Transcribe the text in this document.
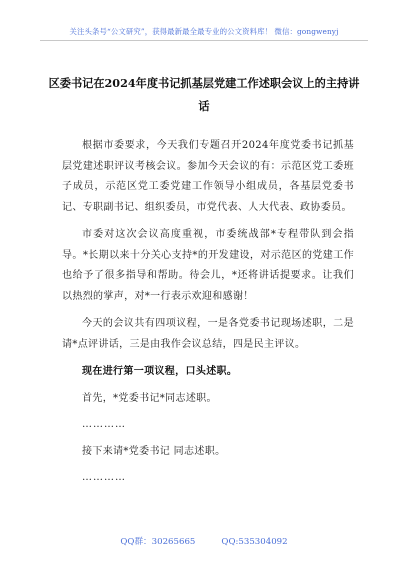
关注头条号“公文研究”，获得最新最全最专业的公文资料库！ 微信：gongwenyj
区委书记在2024年度书记抓基层党建工作述职会议上的主持讲话

根据市委要求，今天我们专题召开2024年度党委书记抓基层党建述职评议考核会议。参加今天会议的有：示范区党工委班子成员，示范区党工委党建工作领导小组成员，各基层党委书记、专职副书记、组织委员，市党代表、人大代表、政协委员。

市委对这次会议高度重视，市委统战部*专程带队到会指导。*长期以来十分关心支持*的开发建设，对示范区的党建工作也给予了很多指导和帮助。待会儿，*还将讲话提要求。让我们以热烈的掌声，对*一行表示欢迎和感谢！

今天的会议共有四项议程，一是各党委书记现场述职，二是请*点评讲话，三是由我作会议总结，四是民主评议。

现在进行第一项议程，口头述职。

首先，*党委书记*同志述职。

…………

接下来请*党委书记 同志述职。

…………

QQ群：30265665	QQ:535304092
